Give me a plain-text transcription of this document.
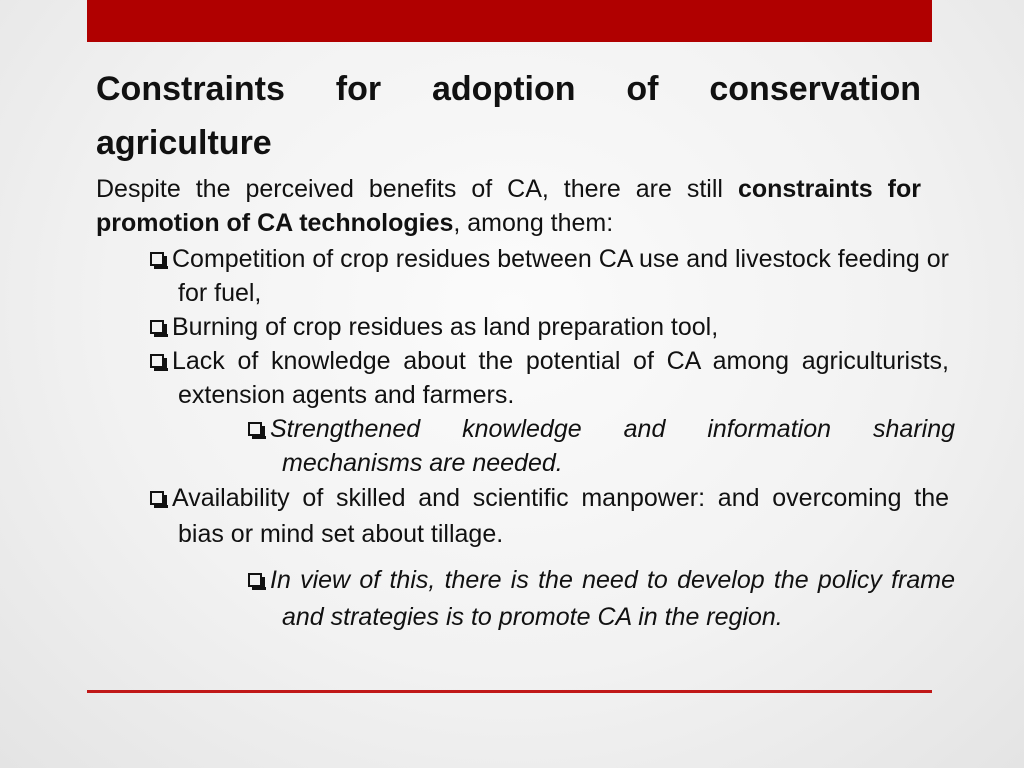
Constraints for adoption of conservation agriculture

Despite the perceived benefits of CA, there are still constraints for promotion of CA technologies, among them:

Competition of crop residues between CA use and livestock feeding or for fuel,

Burning of crop residues as land preparation tool,

Lack of knowledge about the potential of CA among agriculturists, extension agents and farmers.

Strengthened knowledge and information sharing mechanisms are needed.

Availability of skilled and scientific manpower: and overcoming the bias or mind set about tillage.

In view of this, there is the need to develop the policy frame and strategies is to promote CA in the region.
